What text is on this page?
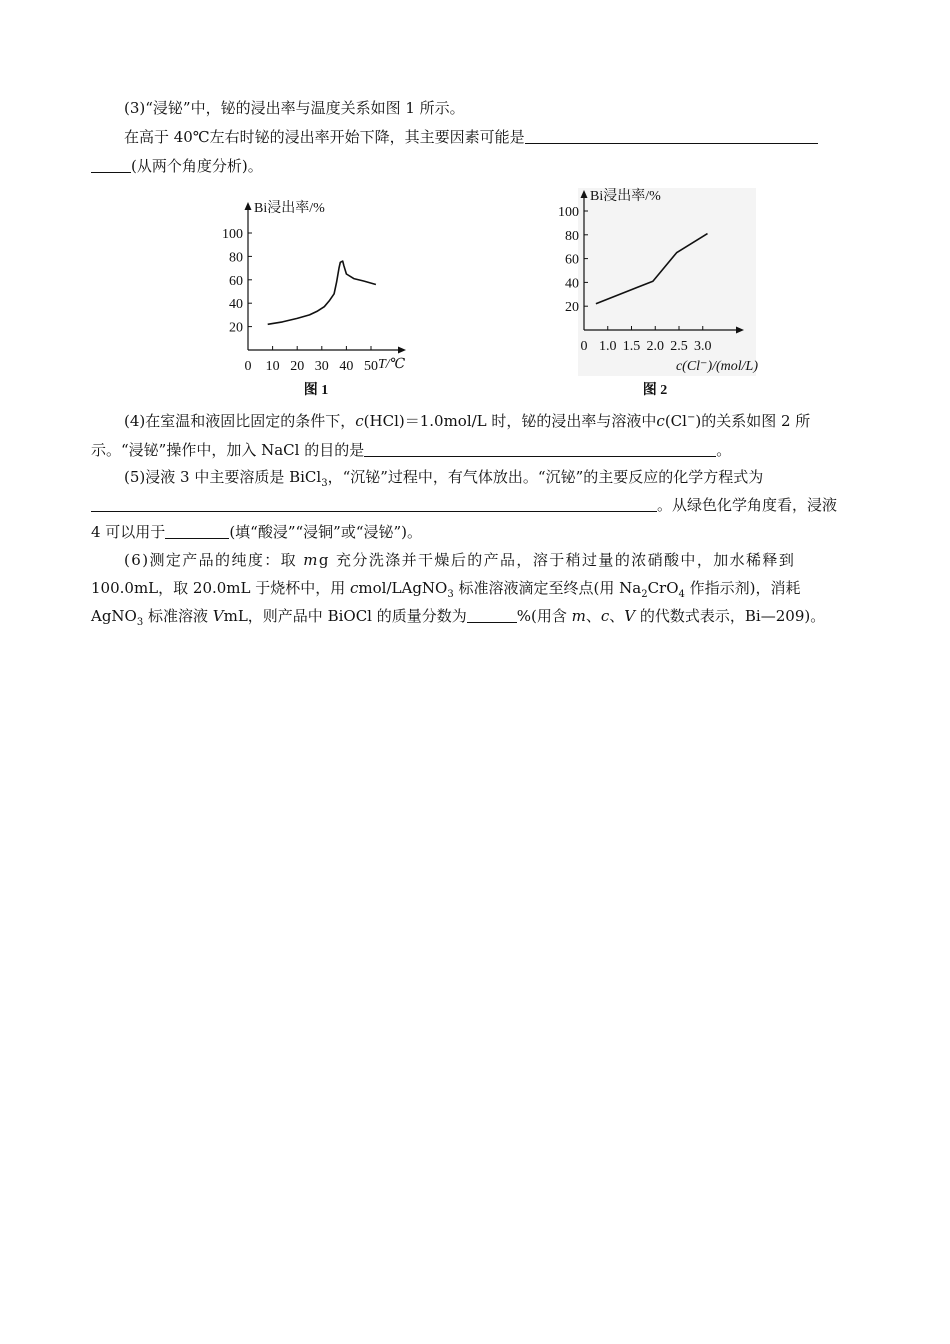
(3)“浸铋”中，铋的浸出率与温度关系如图 1 所示。
在高于 40℃左右时铋的浸出率开始下降，其主要因素可能是
(从两个角度分析)。
20
40
60
80
100
0 10 20 30 40 50
Bi浸出率/%
T/℃
图 1
20
40
60
80
100
0 1.0 1.5 2.0 2.5 3.0
Bi浸出率/%
c(Cl⁻)/(mol/L)
图 2
(4)在室温和液固比固定的条件下，c(HCl)＝1.0mol/L 时，铋的浸出率与溶液中c(Cl−)的关系如图 2 所
示。“浸铋”操作中，加入 NaCl 的目的是	。
(5)浸液 3 中主要溶质是 BiCl$_3$，“沉铋”过程中，有气体放出。“沉铋”的主要反应的化学方程式为
。从绿色化学角度看，浸液
4 可以用于	(填“酸浸”“浸铜”或“浸铋”)。
(6)测定产品的纯度：取 mg 充分洗涤并干燥后的产品，溶于稍过量的浓硝酸中，加水稀释到
100.0mL，取 20.0mL 于烧杯中，用 cmol/LAgNO$_3$ 标准溶液滴定至终点(用 $Na_2CrO_4$ 作指示剂)，消耗
AgNO$_3$ 标准溶液 VmL，则产品中 BiOCl 的质量分数为	%(用含 m、c、V 的代数式表示，Bi—209)。
